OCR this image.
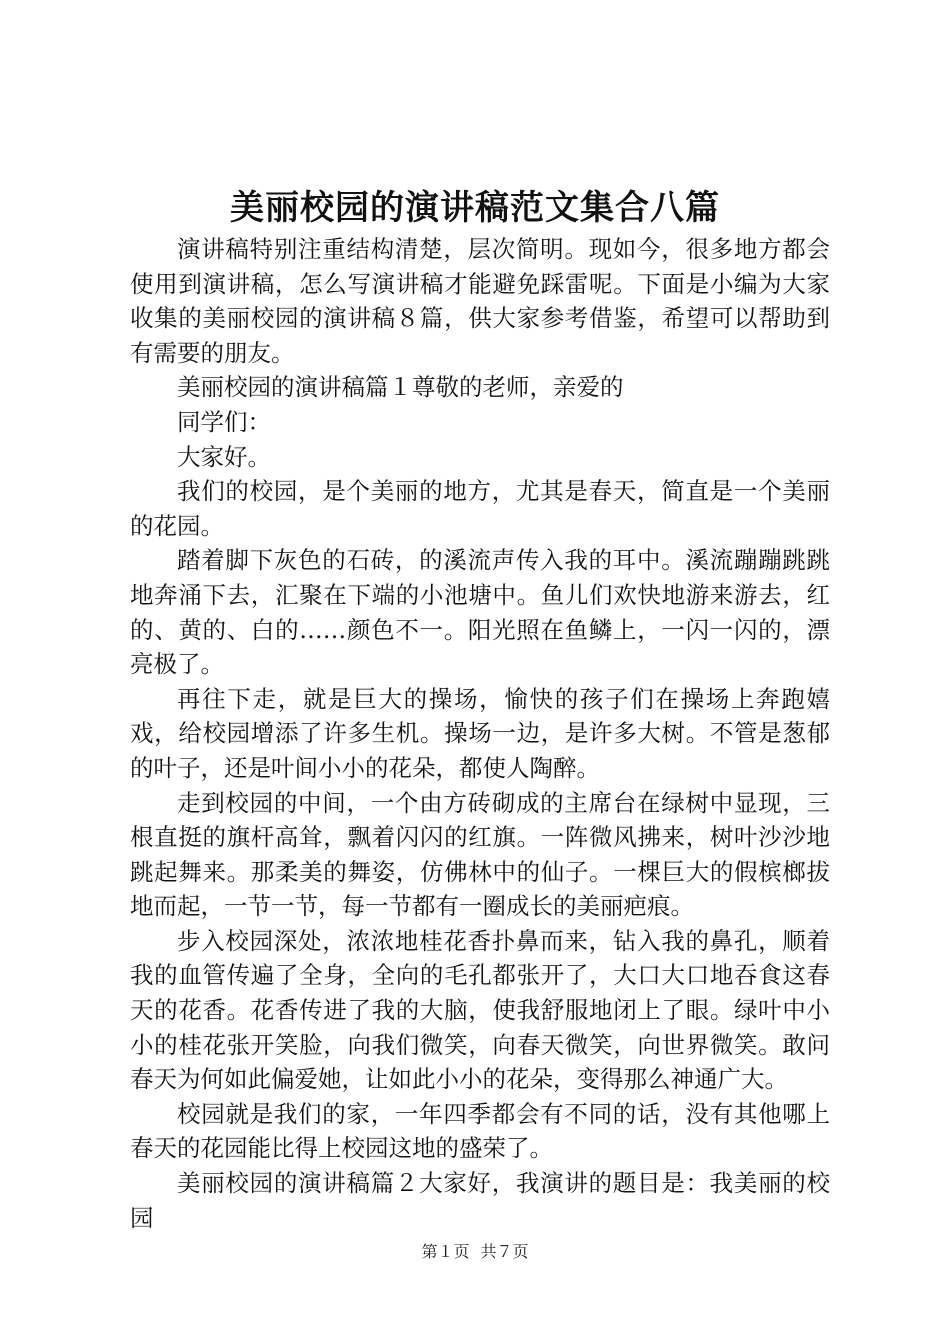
美丽校园的演讲稿范文集合八篇

演讲稿特别注重结构清楚，层次简明。现如今，很多地方都会使用到演讲稿，怎么写演讲稿才能避免踩雷呢。下面是小编为大家收集的美丽校园的演讲稿８篇，供大家参考借鉴，希望可以帮助到有需要的朋友。

美丽校园的演讲稿篇１尊敬的老师，亲爱的

同学们：

大家好。

我们的校园，是个美丽的地方，尤其是春天，简直是一个美丽的花园。

踏着脚下灰色的石砖，的溪流声传入我的耳中。溪流蹦蹦跳跳地奔涌下去，汇聚在下端的小池塘中。鱼儿们欢快地游来游去，红的、黄的、白的……颜色不一。阳光照在鱼鳞上，一闪一闪的，漂亮极了。

再往下走，就是巨大的操场，愉快的孩子们在操场上奔跑嬉戏，给校园增添了许多生机。操场一边，是许多大树。不管是葱郁的叶子，还是叶间小小的花朵，都使人陶醉。

走到校园的中间，一个由方砖砌成的主席台在绿树中显现，三根直挺的旗杆高耸，飘着闪闪的红旗。一阵微风拂来，树叶沙沙地跳起舞来。那柔美的舞姿，仿佛林中的仙子。一棵巨大的假槟榔拔地而起，一节一节，每一节都有一圈成长的美丽疤痕。

步入校园深处，浓浓地桂花香扑鼻而来，钻入我的鼻孔，顺着我的血管传遍了全身，全向的毛孔都张开了，大口大口地吞食这春天的花香。花香传进了我的大脑，使我舒服地闭上了眼。绿叶中小小的桂花张开笑脸，向我们微笑，向春天微笑，向世界微笑。敢问春天为何如此偏爱她，让如此小小的花朵，变得那么神通广大。

校园就是我们的家，一年四季都会有不同的话，没有其他哪上春天的花园能比得上校园这地的盛荣了。

美丽校园的演讲稿篇２大家好，我演讲的题目是：我美丽的校园

第１页 共７页
